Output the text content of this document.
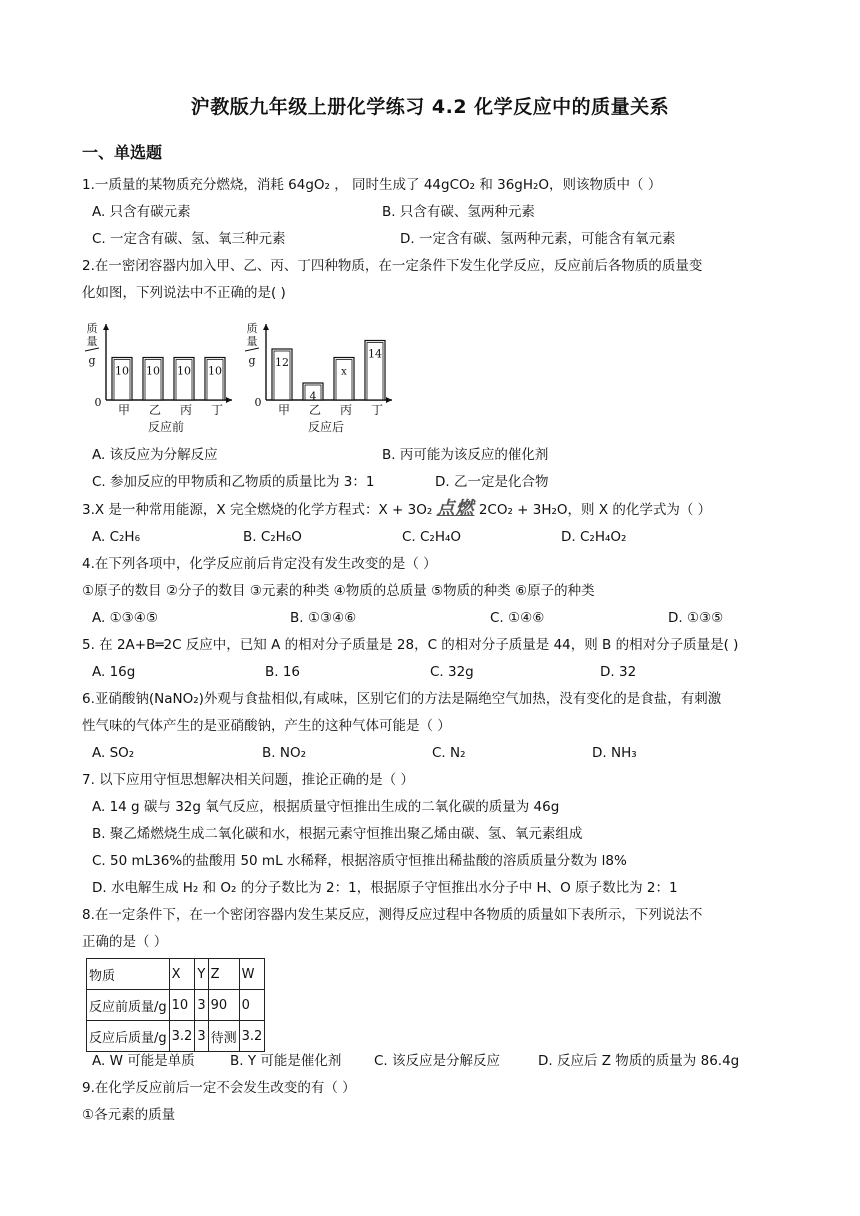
沪教版九年级上册化学练习 4.2 化学反应中的质量关系
一、单选题
1.一质量的某物质充分燃烧，消耗 64gO₂ ， 同时生成了 44gCO₂ 和 36gH₂O，则该物质中（ ）
A. 只含有碳元素	B. 只含有碳、氢两种元素
C. 一定含有碳、氢、氧三种元素	D. 一定含有碳、氢两种元素，可能含有氧元素
2.在一密闭容器内加入甲、乙、丙、丁四种物质，在一定条件下发生化学反应，反应前后各物质的质量变
化如图，下列说法中不正确的是( )
质
量
g
0
10
甲
10
乙
10
丙
10
丁
反应前
质
量
g
0
12
甲
4
乙
x
丙
14
丁
反应后
A. 该反应为分解反应	B. 丙可能为该反应的催化剂
C. 参加反应的甲物质和乙物质的质量比为 3：1	D. 乙一定是化合物
3.X 是一种常用能源，X 完全燃烧的化学方程式：X + 3O₂ 点燃 2CO₂ + 3H₂O，则 X 的化学式为（ ）
A. C₂H₆	B. C₂H₆O	C. C₂H₄O	D. C₂H₄O₂
4.在下列各项中，化学反应前后肯定没有发生改变的是（ ）
①原子的数目 ②分子的数目 ③元素的种类 ④物质的总质量 ⑤物质的种类 ⑥原子的种类
A. ①③④⑤	B. ①③④⑥	C. ①④⑥	D. ①③⑤
5. 在 2A+B═2C 反应中，已知 A 的相对分子质量是 28，C 的相对分子质量是 44，则 B 的相对分子质量是( )
A. 16g	B. 16	C. 32g	D. 32
6.亚硝酸钠(NaNO₂)外观与食盐相似,有咸味，区别它们的方法是隔绝空气加热，没有变化的是食盐，有刺激
性气味的气体产生的是亚硝酸钠，产生的这种气体可能是（ ）
A. SO₂	B. NO₂	C. N₂	D. NH₃
7. 以下应用守恒思想解决相关问题，推论正确的是（ ）
A. 14 g 碳与 32g 氧气反应，根据质量守恒推出生成的二氧化碳的质量为 46g
B. 聚乙烯燃烧生成二氧化碳和水，根据元素守恒推出聚乙烯由碳、氢、氧元素组成
C. 50 mL36%的盐酸用 50 mL 水稀释，根据溶质守恒推出稀盐酸的溶质质量分数为 l8%
D. 水电解生成 H₂ 和 O₂ 的分子数比为 2：1，根据原子守恒推出水分子中 H、O 原子数比为 2：1
8.在一定条件下，在一个密闭容器内发生某反应，测得反应过程中各物质的质量如下表所示，下列说法不
正确的是（ ）
物质	X	Y	Z	W
反应前质量/g	10	3	90	0
反应后质量/g	3.2	3	待测	3.2
A. W 可能是单质	B. Y 可能是催化剂 C. 该反应是分解反应	D. 反应后 Z 物质的质量为 86.4g
9.在化学反应前后一定不会发生改变的有（ ）
①各元素的质量
